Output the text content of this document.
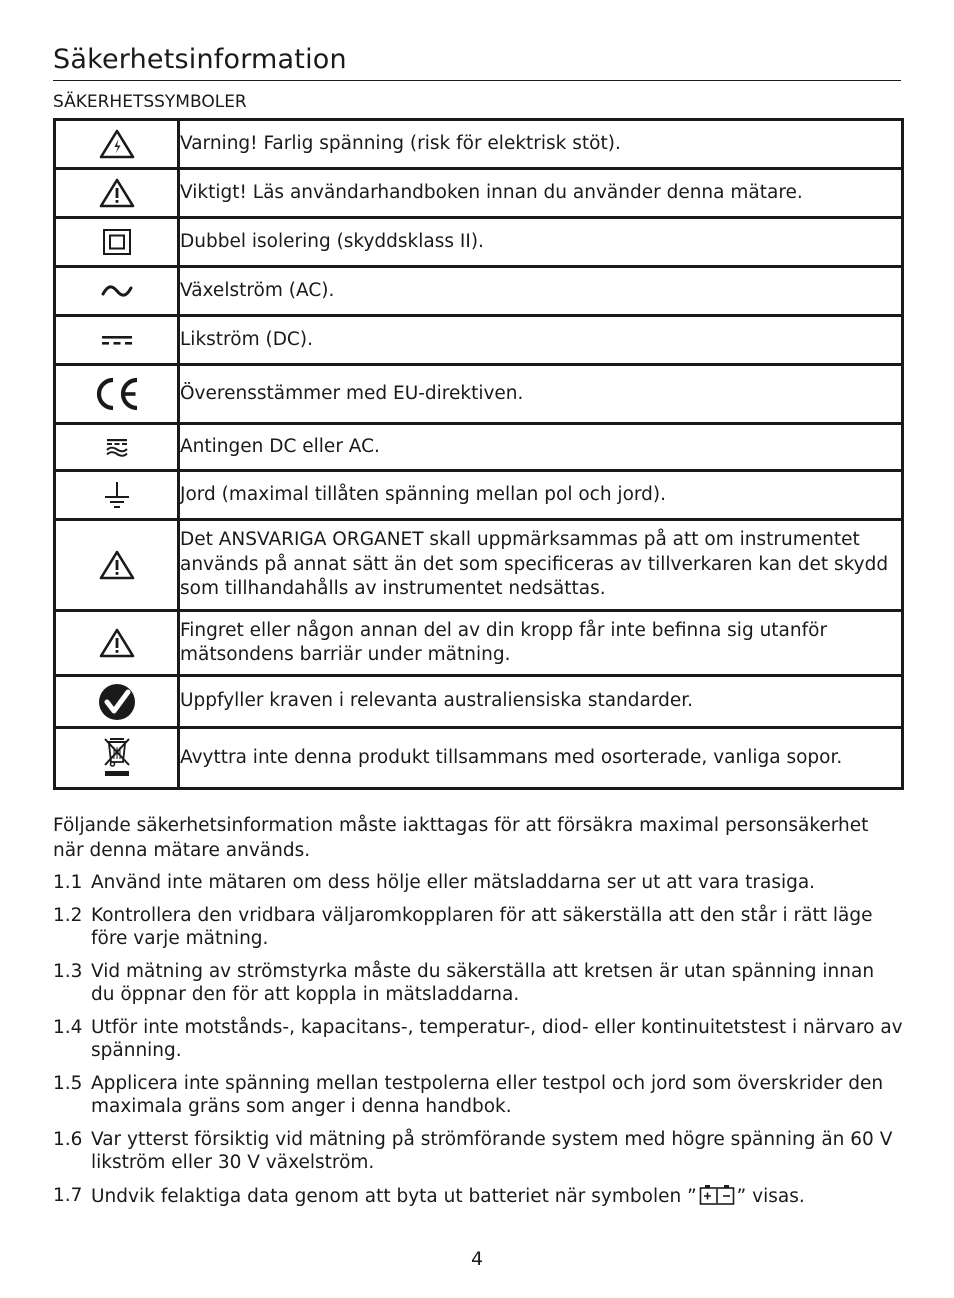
Säkerhetsinformation
SÄKERHETSSYMBOLER
	Varning! Farlig spänning (risk för elektrisk stöt).

	Viktigt! Läs användarhandboken innan du använder denna mätare.

	Dubbel isolering (skyddsklass II).

	Växelström (AC).

	Likström (DC).

	Överensstämmer med EU-direktiven.

	Antingen DC eller AC.

	Jord (maximal tillåten spänning mellan pol och jord).

	Det ANSVARIGA ORGANET skall uppmärksammas på att om instrumentet används på annat sätt än det som specificeras av tillverkaren kan det skydd som tillhandahålls av instrumentet nedsättas.

	Fingret eller någon annan del av din kropp får inte befinna sig utanför mätsondens barriär under mätning.

	Uppfyller kraven i relevanta australiensiska standarder.

	Avyttra inte denna produkt tillsammans med osorterade, vanliga sopor.

Följande säkerhetsinformation måste iakttagas för att försäkra maximal personsäkerhet när denna mätare används.

1.1 Använd inte mätaren om dess hölje eller mätsladdarna ser ut att vara trasiga.
1.2 Kontrollera den vridbara väljaromkopplaren för att säkerställa att den står i rätt läge före varje mätning.
1.3 Vid mätning av strömstyrka måste du säkerställa att kretsen är utan spänning innan du öppnar den för att koppla in mätsladdarna.
1.4 Utför inte motstånds-, kapacitans-, temperatur-, diod- eller kontinuitetstest i närvaro av spänning.
1.5 Applicera inte spänning mellan testpolerna eller testpol och jord som överskrider den maximala gräns som anger i denna handbok.
1.6 Var ytterst försiktig vid mätning på strömförande system med högre spänning än 60 V likström eller 30 V växelström.
1.7 Undvik felaktiga data genom att byta ut batteriet när symbolen ” ” visas.
4
